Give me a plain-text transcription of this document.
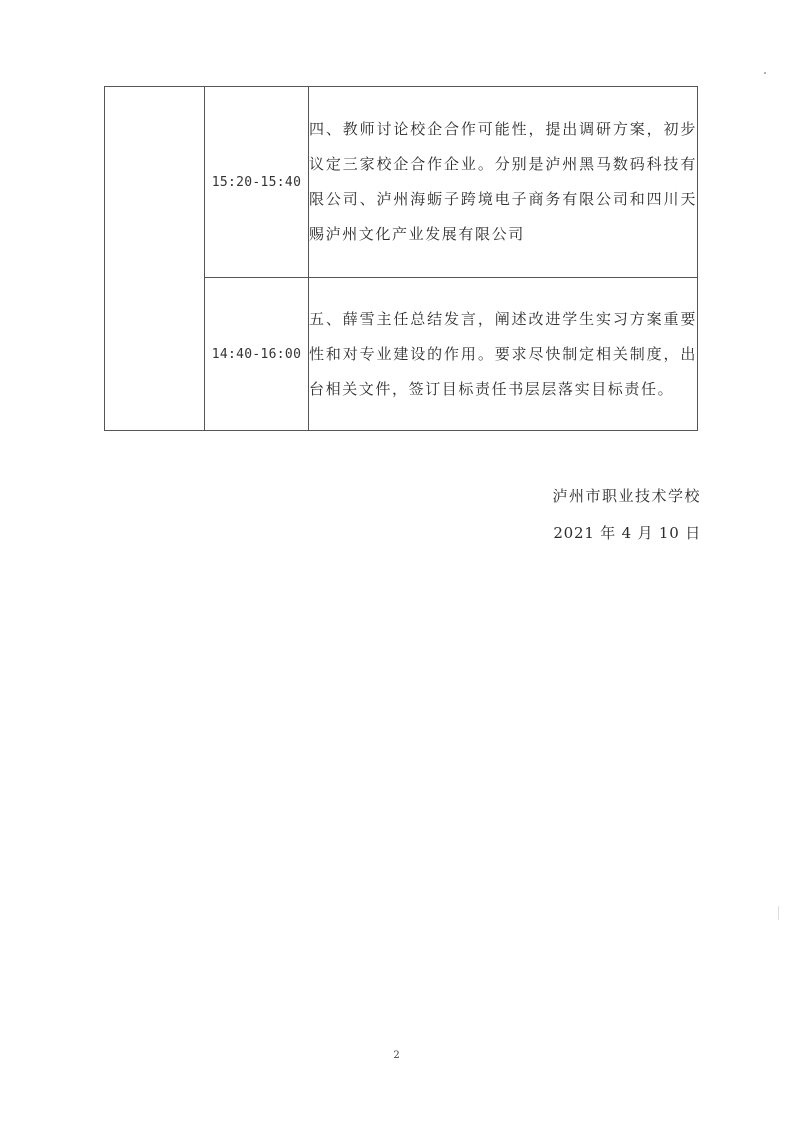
	15:20-15:40	四、教师讨论校企合作可能性，提出调研方案，初步议定三家校企合作企业。分别是泸州黑马数码科技有限公司、泸州海蛎子跨境电子商务有限公司和四川天赐泸州文化产业发展有限公司

	14:40-16:00	五、薛雪主任总结发言，阐述改进学生实习方案重要性和对专业建设的作用。要求尽快制定相关制度，出台相关文件，签订目标责任书层层落实目标责任。

泸州市职业技术学校
2021 年 4 月 10 日
2
